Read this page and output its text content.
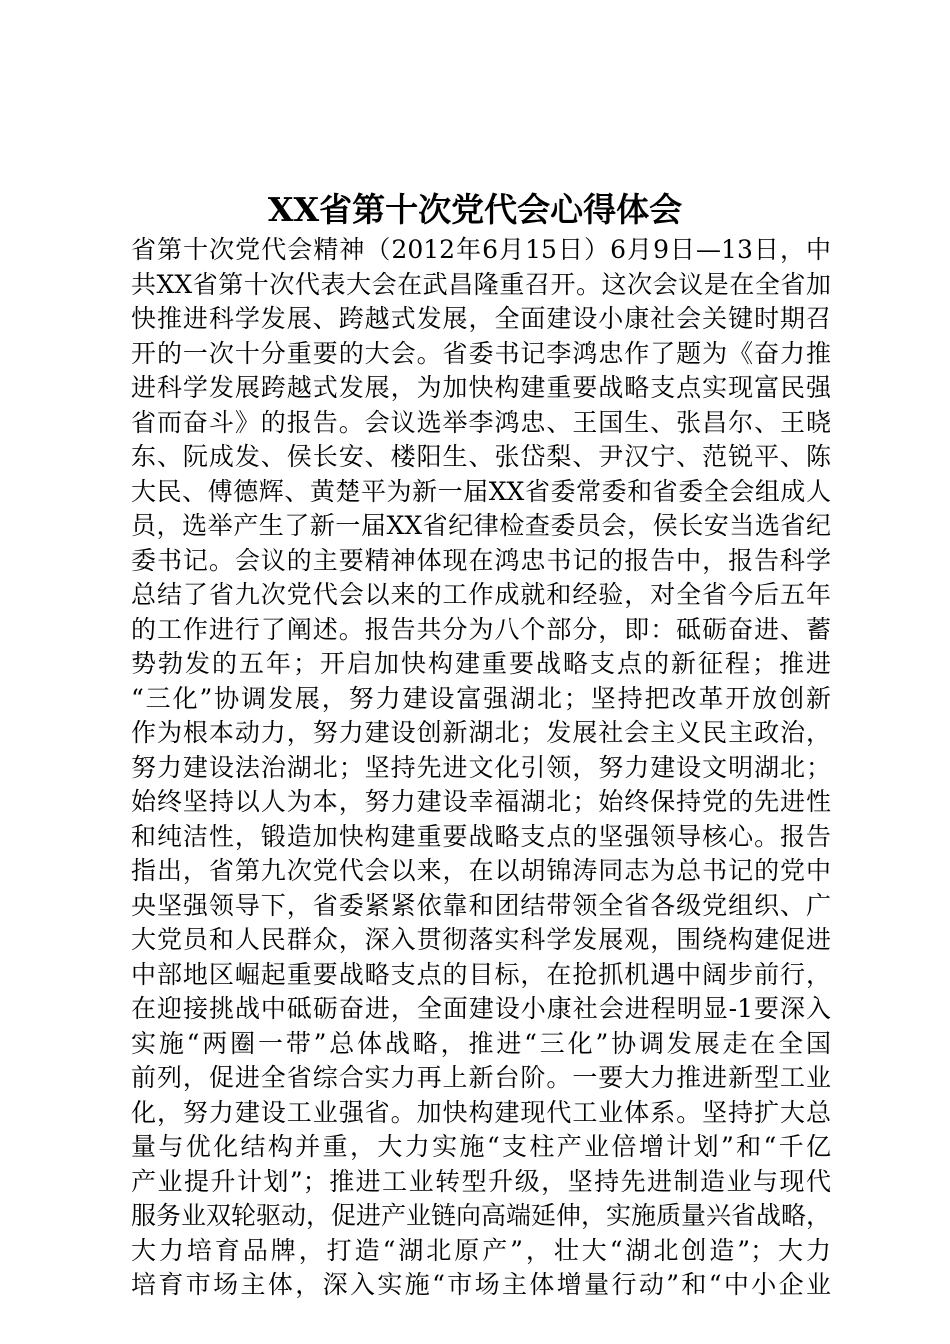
XX省第十次党代会心得体会
省第十次党代会精神（2012年6月15日）6月9日—13日，中
共XX省第十次代表大会在武昌隆重召开。这次会议是在全省加
快推进科学发展、跨越式发展，全面建设小康社会关键时期召
开的一次十分重要的大会。省委书记李鸿忠作了题为《奋力推
进科学发展跨越式发展，为加快构建重要战略支点实现富民强
省而奋斗》的报告。会议选举李鸿忠、王国生、张昌尔、王晓
东、阮成发、侯长安、楼阳生、张岱梨、尹汉宁、范锐平、陈
大民、傅德辉、黄楚平为新一届XX省委常委和省委全会组成人
员，选举产生了新一届XX省纪律检查委员会，侯长安当选省纪
委书记。会议的主要精神体现在鸿忠书记的报告中，报告科学
总结了省九次党代会以来的工作成就和经验，对全省今后五年
的工作进行了阐述。报告共分为八个部分，即：砥砺奋进、蓄
势勃发的五年；开启加快构建重要战略支点的新征程；推进
“三化”协调发展，努力建设富强湖北；坚持把改革开放创新
作为根本动力，努力建设创新湖北；发展社会主义民主政治，
努力建设法治湖北；坚持先进文化引领，努力建设文明湖北；
始终坚持以人为本，努力建设幸福湖北；始终保持党的先进性
和纯洁性，锻造加快构建重要战略支点的坚强领导核心。报告
指出，省第九次党代会以来，在以胡锦涛同志为总书记的党中
央坚强领导下，省委紧紧依靠和团结带领全省各级党组织、广
大党员和人民群众，深入贯彻落实科学发展观，围绕构建促进
中部地区崛起重要战略支点的目标，在抢抓机遇中阔步前行，
在迎接挑战中砥砺奋进，全面建设小康社会进程明显-1要深入
实施“两圈一带”总体战略，推进“三化”协调发展走在全国
前列，促进全省综合实力再上新台阶。一要大力推进新型工业
化，努力建设工业强省。加快构建现代工业体系。坚持扩大总
量与优化结构并重，大力实施“支柱产业倍增计划”和“千亿
产业提升计划”；推进工业转型升级，坚持先进制造业与现代
服务业双轮驱动，促进产业链向高端延伸，实施质量兴省战略，
大力培育品牌，打造“湖北原产”，壮大“湖北创造”；大力
培育市场主体，深入实施“市场主体增量行动”和“中小企业
